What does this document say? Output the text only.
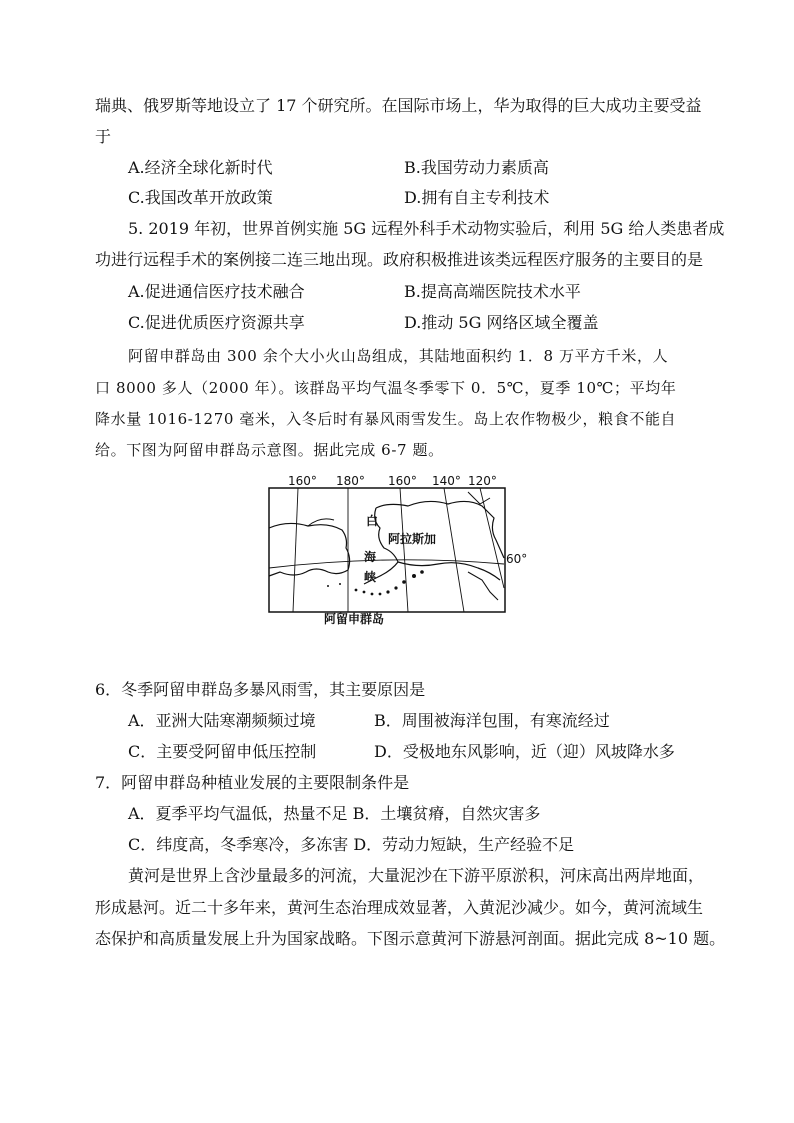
瑞典、俄罗斯等地设立了 17 个研究所。在国际市场上，华为取得的巨大成功主要受益
于
A.经济全球化新时代	B.我国劳动力素质高
C.我国改革开放政策	D.拥有自主专利技术
5. 2019 年初，世界首例实施 5G 远程外科手术动物实验后，利用 5G 给人类患者成
功进行远程手术的案例接二连三地出现。政府积极推进该类远程医疗服务的主要目的是
A.促进通信医疗技术融合	B.提高高端医院技术水平
C.促进优质医疗资源共享	D.推动 5G 网络区域全覆盖
阿留申群岛由 300 余个大小火山岛组成，其陆地面积约 1．8 万平方千米，人
口 8000 多人（2000 年）。该群岛平均气温冬季零下 0．5℃，夏季 10℃；平均年
降水量 1016-1270 毫米，入冬后时有暴风雨雪发生。岛上农作物极少，粮食不能自
给。下图为阿留申群岛示意图。据此完成 6-7 题。
160° 180° 160° 140° 120°
白
阿拉斯加
海
峡
60°
阿留申群岛
6．冬季阿留申群岛多暴风雨雪，其主要原因是
A．亚洲大陆寒潮频频过境	B．周围被海洋包围，有寒流经过
C．主要受阿留申低压控制	D．受极地东风影响，近（迎）风坡降水多
7．阿留申群岛种植业发展的主要限制条件是
A．夏季平均气温低，热量不足 B．土壤贫瘠，自然灾害多
C．纬度高，冬季寒冷，多冻害 D．劳动力短缺，生产经验不足
黄河是世界上含沙量最多的河流，大量泥沙在下游平原淤积，河床高出两岸地面，
形成悬河。近二十多年来，黄河生态治理成效显著，入黄泥沙减少。如今，黄河流域生
态保护和高质量发展上升为国家战略。下图示意黄河下游悬河剖面。据此完成 8~10 题。
